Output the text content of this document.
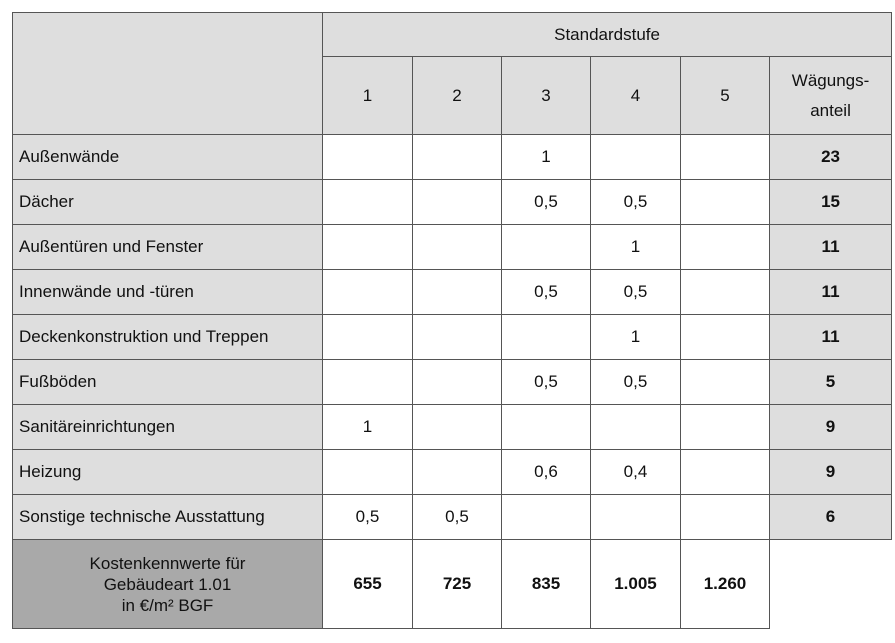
	Standardstufe					
	1	2	3	4	5	Wägungs-
anteil

Außenwände			1			23
Dächer			0,5	0,5		15
Außentüren und Fenster				1		11
Innenwände und -türen			0,5	0,5		11
Deckenkonstruktion und Treppen				1		11
Fußböden			0,5	0,5		5
Sanitäreinrichtungen	1					9
Heizung			0,6	0,4		9
Sonstige technische Ausstattung	0,5	0,5				6

Kostenkennwerte für
Gebäudeart 1.01
in €/m² BGF	655	725	835	1.005	1.260	
